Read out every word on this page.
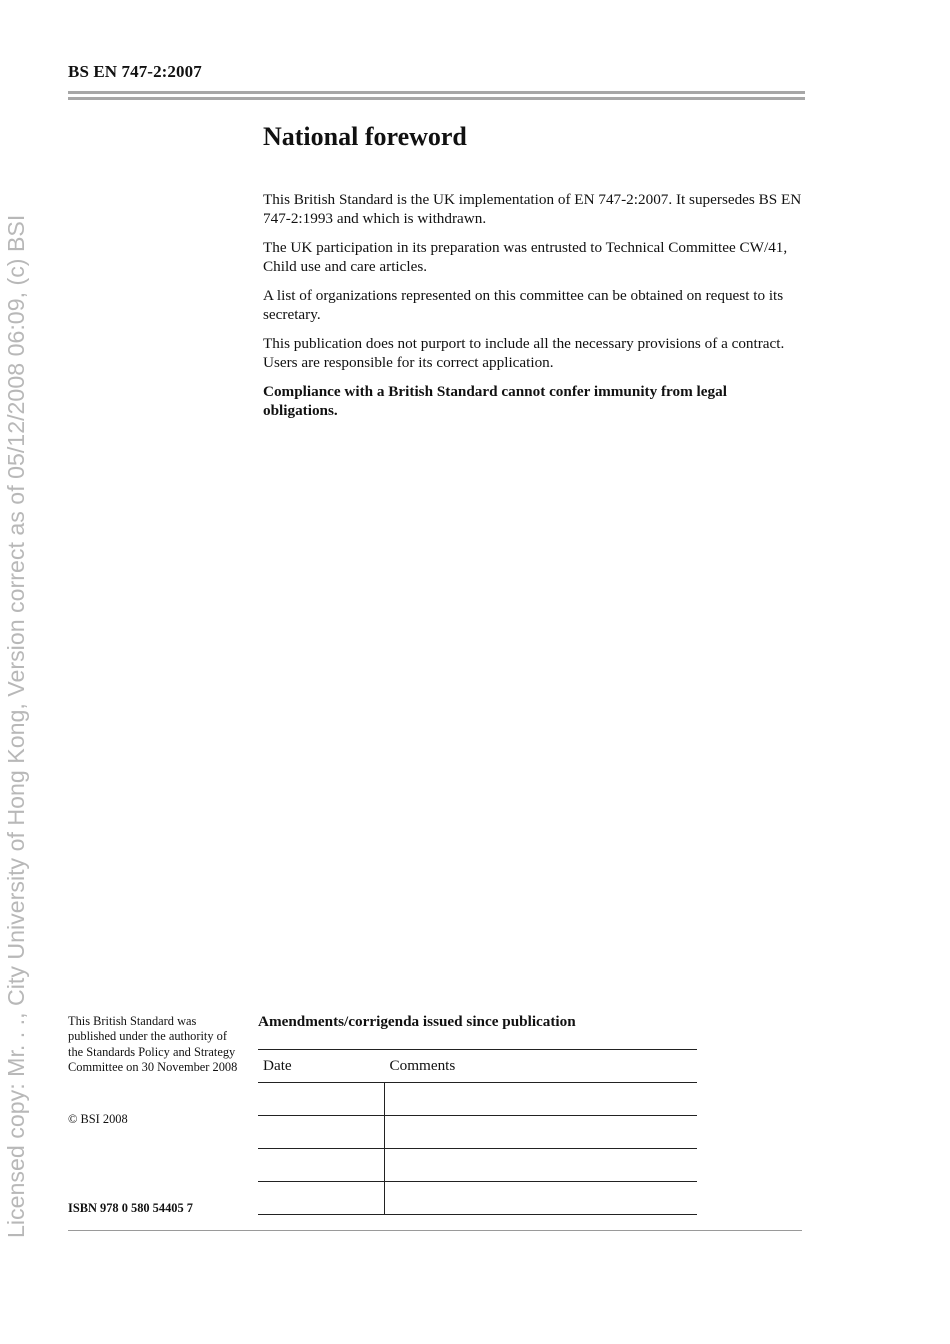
BS EN 747-2:2007
Licensed copy: Mr. . ., City University of Hong Kong, Version correct as of 05/12/2008 06:09, (c) BSI
National foreword

This British Standard is the UK implementation of EN 747-2:2007. It supersedes BS EN 747-2:1993 and which is withdrawn.

The UK participation in its preparation was entrusted to Technical Committee CW/41, Child use and care articles.

A list of organizations represented on this committee can be obtained on request to its secretary.

This publication does not purport to include all the necessary provisions of a contract. Users are responsible for its correct application.

Compliance with a British Standard cannot confer immunity from legal obligations.

This British Standard was published under the authority of the Standards Policy and Strategy Committee on 30 November 2008
© BSI 2008
ISBN 978 0 580 54405 7
Amendments/corrigenda issued since publication
Date	Comments
